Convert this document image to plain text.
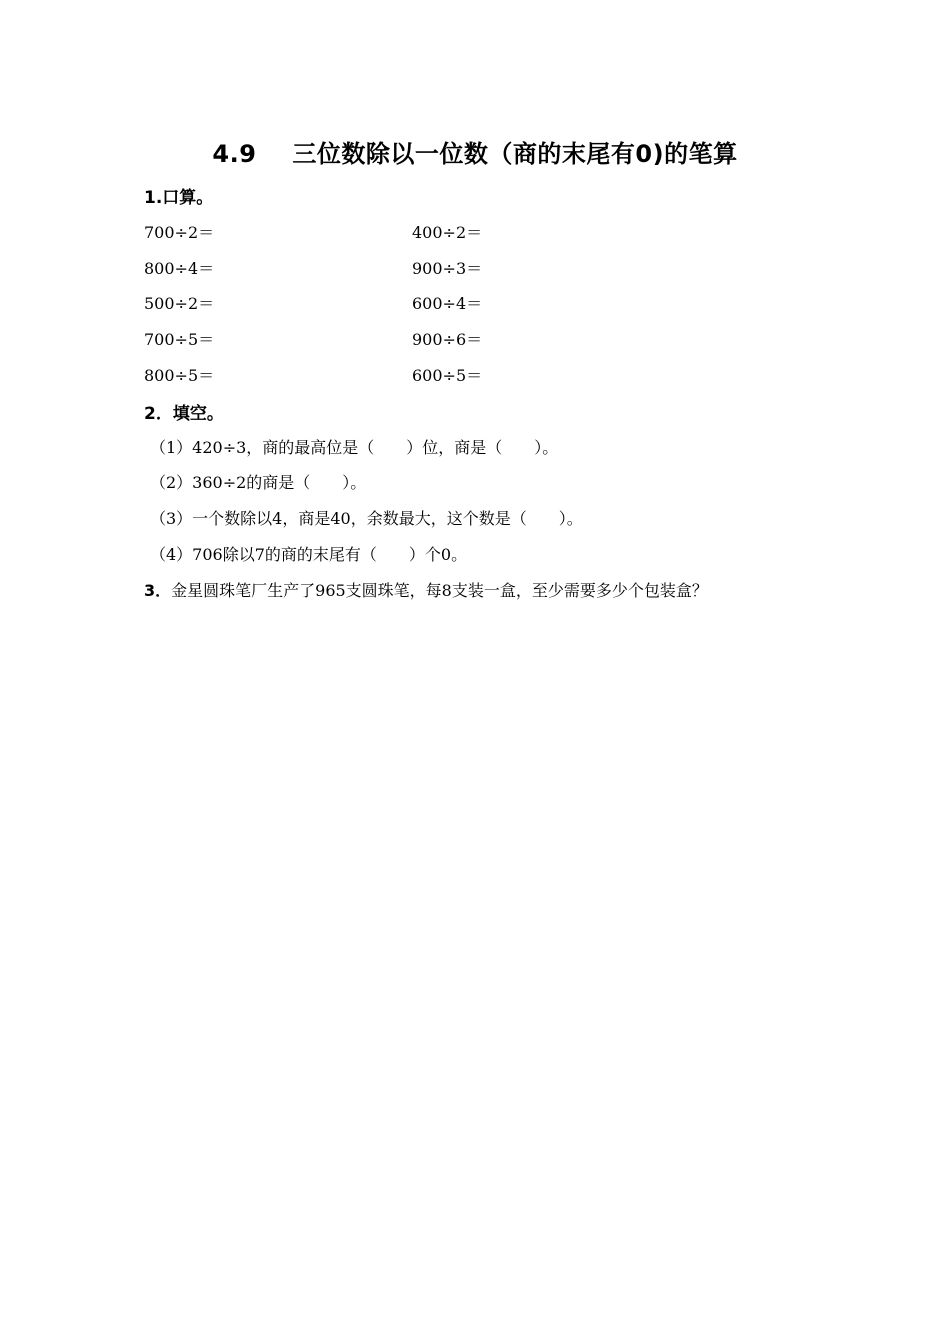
4.9 三位数除以一位数（商的末尾有0)的笔算
1.口算。
700÷2＝	400÷2＝
800÷4＝	900÷3＝
500÷2＝	600÷4＝
700÷5＝	900÷6＝
800÷5＝	600÷5＝
2．填空。
（1）420÷3，商的最高位是（　　）位，商是（　　）。
（2）360÷2的商是（　　）。
（3）一个数除以4，商是40，余数最大，这个数是（　　）。
（4）706除以7的商的末尾有（　　）个0。
3．金星圆珠笔厂生产了965支圆珠笔，每8支装一盒，至少需要多少个包装盒？
